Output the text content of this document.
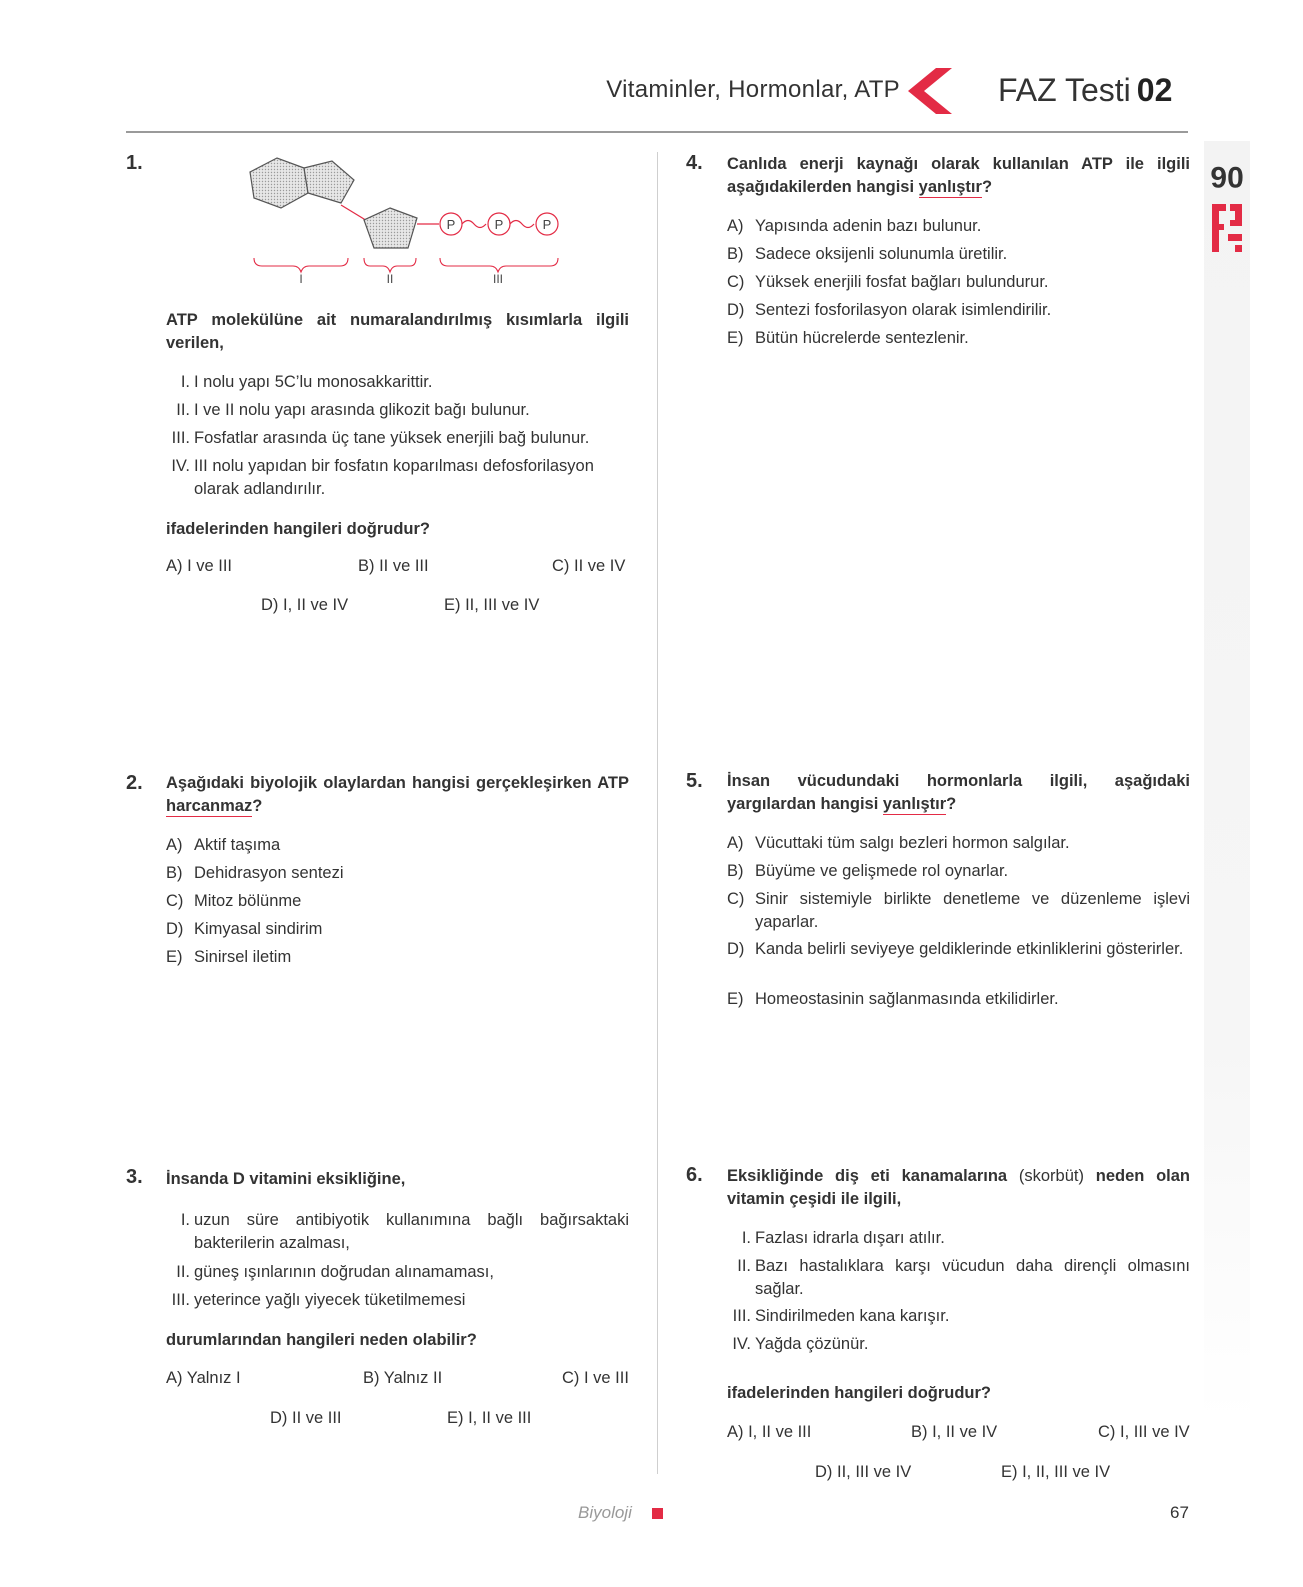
Vitaminler, Hormonlar, ATP	FAZ Testi 02
06
1.
P	P	P
I	II	III
ATP molekülüne ait numaralandırılmış kısımlarla ilgili verilen,
I. I nolu yapı 5C’lu monosakkarittir.
II. I ve II nolu yapı arasında glikozit bağı bulunur.
III. Fosfatlar arasında üç tane yüksek enerjili bağ bulunur.
IV. III nolu yapıdan bir fosfatın koparılması defosforilasyon olarak adlandırılır.
ifadelerinden hangileri doğrudur?
A) I ve III	B) II ve III	C) II ve IV
D) I, II ve IV	E) II, III ve IV
2. Aşağıdaki biyolojik olaylardan hangisi gerçekleşirken ATP harcanmaz?
A) Aktif taşıma
B) Dehidrasyon sentezi
C) Mitoz bölünme
D) Kimyasal sindirim
E) Sinirsel iletim
3. İnsanda D vitamini eksikliğine,
I. uzun süre antibiyotik kullanımına bağlı bağırsaktaki bakterilerin azalması,
II. güneş ışınlarının doğrudan alınamaması,
III. yeterince yağlı yiyecek tüketilmemesi
durumlarından hangileri neden olabilir?
A) Yalnız I	B) Yalnız II	C) I ve III
D) II ve III	E) I, II ve III
4. Canlıda enerji kaynağı olarak kullanılan ATP ile ilgili aşağıdakilerden hangisi yanlıştır?
A) Yapısında adenin bazı bulunur.
B) Sadece oksijenli solunumla üretilir.
C) Yüksek enerjili fosfat bağları bulundurur.
D) Sentezi fosforilasyon olarak isimlendirilir.
E) Bütün hücrelerde sentezlenir.
5. İnsan vücudundaki hormonlarla ilgili, aşağıdaki yargılardan hangisi yanlıştır?
A) Vücuttaki tüm salgı bezleri hormon salgılar.
B) Büyüme ve gelişmede rol oynarlar.
C) Sinir sistemiyle birlikte denetleme ve düzenleme işlevi yaparlar.
D) Kanda belirli seviyeye geldiklerinde etkinliklerini gösterirler.
E) Homeostasinin sağlanmasında etkilidirler.
6. Eksikliğinde diş eti kanamalarına (skorbüt) neden olan vitamin çeşidi ile ilgili,
I. Fazlası idrarla dışarı atılır.
II. Bazı hastalıklara karşı vücudun daha dirençli olmasını sağlar.
III. Sindirilmeden kana karışır.
IV. Yağda çözünür.
ifadelerinden hangileri doğrudur?
A) I, II ve III	B) I, II ve IV	C) I, III ve IV
D) II, III ve IV	E) I, II, III ve IV
Biyoloji	67
